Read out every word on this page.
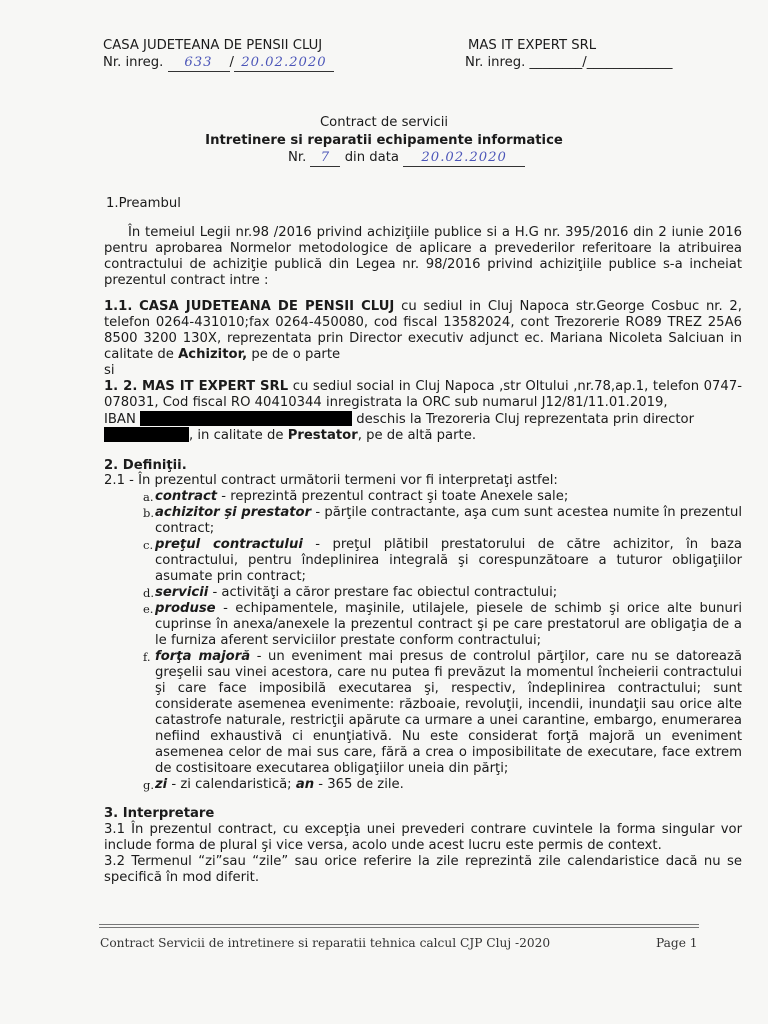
CASA JUDETEANA DE PENSII CLUJ
Nr. inreg. 633 / 20.02.2020
MAS IT EXPERT SRL
Nr. inreg. ________/_____________
Contract de servicii
Intretinere si reparatii echipamente informatice
Nr. 7 din data 20.02.2020
1.Preambul
În temeiul Legii nr.98 /2016 privind achiziţiile publice si a H.G nr. 395/2016 din 2 iunie 2016 pentru aprobarea Normelor metodologice de aplicare a prevederilor referitoare la atribuirea contractului de achiziţie publică din Legea nr. 98/2016 privind achiziţiile publice s-a incheiat prezentul contract intre :
1.1. CASA JUDETEANA DE PENSII CLUJ cu sediul in Cluj Napoca str.George Cosbuc nr. 2, telefon 0264-431010;fax 0264-450080, cod fiscal 13582024, cont Trezorerie RO89 TREZ 25A6 8500 3200 130X, reprezentata prin Director executiv adjunct ec. Mariana Nicoleta Salciuan in calitate de Achizitor, pe de o parte
si
1. 2. MAS IT EXPERT SRL cu sediul social in Cluj Napoca ,str Oltului ,nr.78,ap.1, telefon 0747-078031, Cod fiscal RO 40410344 inregistrata la ORC sub numarul J12/81/11.01.2019,
IBAN	deschis la Trezoreria Cluj reprezentata prin director
, in calitate de Prestator, pe de altă parte.
2. Definiţii.
2.1 - În prezentul contract următorii termeni vor fi interpretaţi astfel:
a. contract - reprezintă prezentul contract şi toate Anexele sale;
b. achizitor şi prestator - părţile contractante, aşa cum sunt acestea numite în prezentul contract;
c. preţul contractului - preţul plătibil prestatorului de către achizitor, în baza contractului, pentru îndeplinirea integrală şi corespunzătoare a tuturor obligaţiilor asumate prin contract;
d. servicii - activităţi a căror prestare fac obiectul contractului;
e. produse - echipamentele, maşinile, utilajele, piesele de schimb şi orice alte bunuri cuprinse în anexa/anexele la prezentul contract şi pe care prestatorul are obligaţia de a le furniza aferent serviciilor prestate conform contractului;
f. forţa majoră - un eveniment mai presus de controlul părţilor, care nu se datorează greşelii sau vinei acestora, care nu putea fi prevăzut la momentul încheierii contractului şi care face imposibilă executarea şi, respectiv, îndeplinirea contractului; sunt considerate asemenea evenimente: războaie, revoluţii, incendii, inundaţii sau orice alte catastrofe naturale, restricţii apărute ca urmare a unei carantine, embargo, enumerarea nefiind exhaustivă ci enunţiativă. Nu este considerat forţă majoră un eveniment asemenea celor de mai sus care, fără a crea o imposibilitate de executare, face extrem de costisitoare executarea obligaţiilor uneia din părţi;
g. zi - zi calendaristică; an - 365 de zile.
3. Interpretare
3.1 În prezentul contract, cu excepţia unei prevederi contrare cuvintele la forma singular vor include forma de plural şi vice versa, acolo unde acest lucru este permis de context.
3.2 Termenul “zi”sau “zile” sau orice referire la zile reprezintă zile calendaristice dacă nu se specifică în mod diferit.
Contract Servicii de intretinere si reparatii tehnica calcul CJP Cluj -2020	Page 1
